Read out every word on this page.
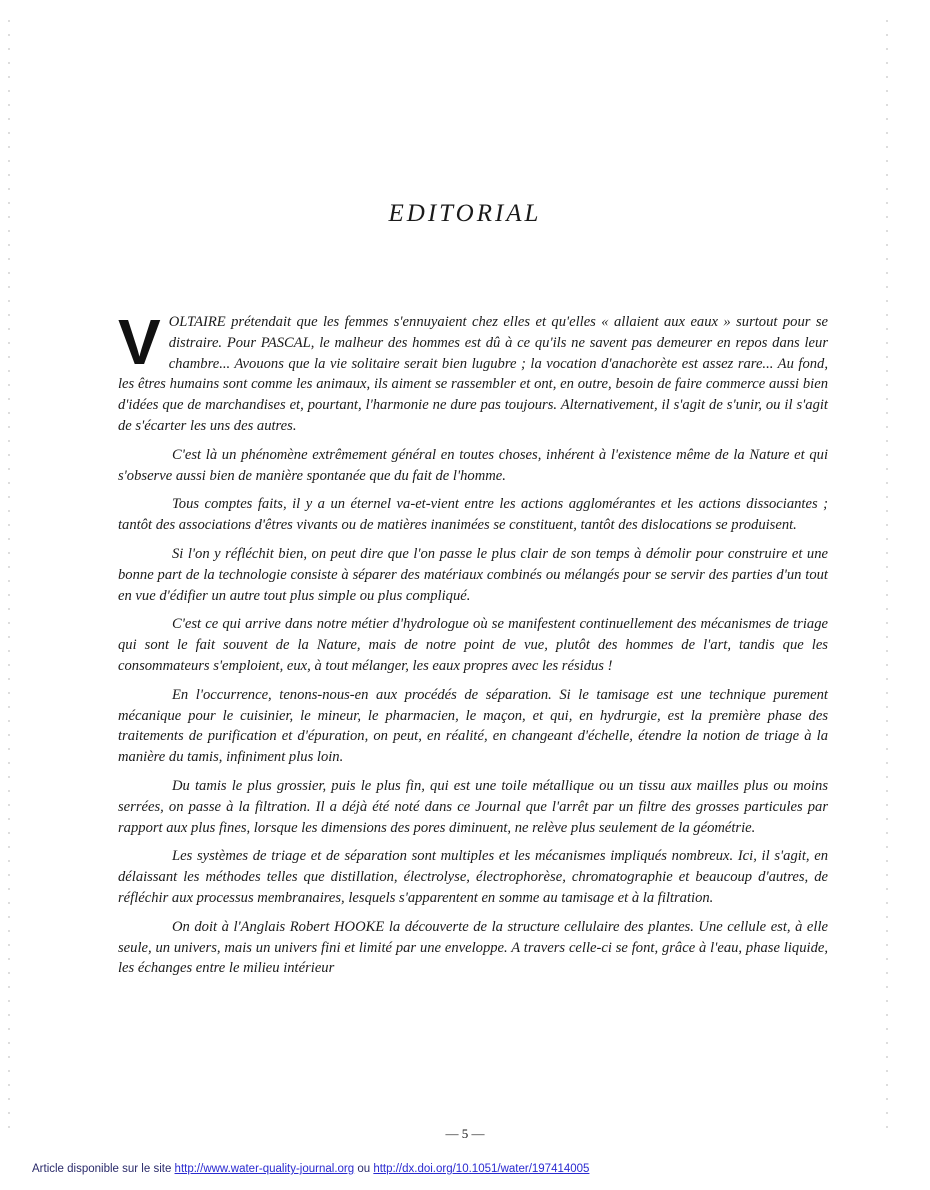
EDITORIAL

V OLTAIRE prétendait que les femmes s'ennuyaient chez elles et qu'elles « allaient aux eaux » surtout pour se distraire. Pour PASCAL, le malheur des hommes est dû à ce qu'ils ne savent pas demeurer en repos dans leur chambre... Avouons que la vie solitaire serait bien lugubre ; la vocation d'anachorète est assez rare... Au fond, les êtres humains sont comme les animaux, ils aiment se rassembler et ont, en outre, besoin de faire commerce aussi bien d'idées que de marchandises et, pourtant, l'harmonie ne dure pas toujours. Alternativement, il s'agit de s'unir, ou il s'agit de s'écarter les uns des autres.

C'est là un phénomène extrêmement général en toutes choses, inhérent à l'existence même de la Nature et qui s'observe aussi bien de manière spontanée que du fait de l'homme.

Tous comptes faits, il y a un éternel va-et-vient entre les actions agglomérantes et les actions dissociantes ; tantôt des associations d'êtres vivants ou de matières inanimées se constituent, tantôt des dislocations se produisent.

Si l'on y réfléchit bien, on peut dire que l'on passe le plus clair de son temps à démolir pour construire et une bonne part de la technologie consiste à séparer des matériaux combinés ou mélangés pour se servir des parties d'un tout en vue d'édifier un autre tout plus simple ou plus compliqué.

C'est ce qui arrive dans notre métier d'hydrologue où se manifestent continuellement des mécanismes de triage qui sont le fait souvent de la Nature, mais de notre point de vue, plutôt des hommes de l'art, tandis que les consommateurs s'emploient, eux, à tout mélanger, les eaux propres avec les résidus !

En l'occurrence, tenons-nous-en aux procédés de séparation. Si le tamisage est une technique purement mécanique pour le cuisinier, le mineur, le pharmacien, le maçon, et qui, en hydrurgie, est la première phase des traitements de purification et d'épuration, on peut, en réalité, en changeant d'échelle, étendre la notion de triage à la manière du tamis, infiniment plus loin.

Du tamis le plus grossier, puis le plus fin, qui est une toile métallique ou un tissu aux mailles plus ou moins serrées, on passe à la filtration. Il a déjà été noté dans ce Journal que l'arrêt par un filtre des grosses particules par rapport aux plus fines, lorsque les dimensions des pores diminuent, ne relève plus seulement de la géométrie.

Les systèmes de triage et de séparation sont multiples et les mécanismes impliqués nombreux. Ici, il s'agit, en délaissant les méthodes telles que distillation, électrolyse, électrophorèse, chromatographie et beaucoup d'autres, de réfléchir aux processus membranaires, lesquels s'apparentent en somme au tamisage et à la filtration.

On doit à l'Anglais Robert HOOKE la découverte de la structure cellulaire des plantes. Une cellule est, à elle seule, un univers, mais un univers fini et limité par une enveloppe. A travers celle-ci se font, grâce à l'eau, phase liquide, les échanges entre le milieu intérieur

— 5 —
Article disponible sur le site http://www.water-quality-journal.org ou http://dx.doi.org/10.1051/water/197414005
